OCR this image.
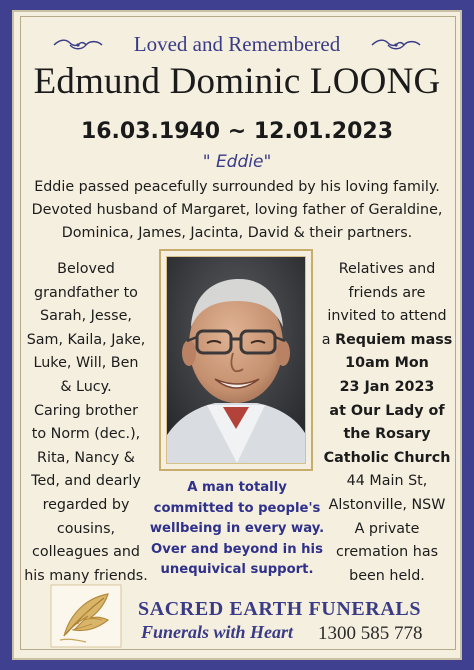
Loved and Remembered
Edmund Dominic LOONG
16.03.1940 ~ 12.01.2023
" Eddie"
Eddie passed peacefully surrounded by his loving family.
Devoted husband of Margaret, loving father of Geraldine,
Dominica, James, Jacinta, David & their partners.
Beloved
grandfather to
Sarah, Jesse,
Sam, Kaila, Jake,
Luke, Will, Ben
& Lucy.
Caring brother
to Norm (dec.),
Rita, Nancy &
Ted, and dearly
regarded by
cousins,
colleagues and
his many friends.
Relatives and
friends are
invited to attend
a Requiem mass
10am Mon
23 Jan 2023
at Our Lady of
the Rosary
Catholic Church
44 Main St,
Alstonville, NSW
A private
cremation has
been held.
A man totally
committed to people's
wellbeing in every way.
Over and beyond in his
unequivical support.
SACRED EARTH FUNERALS
Funerals with Heart	1300 585 778
